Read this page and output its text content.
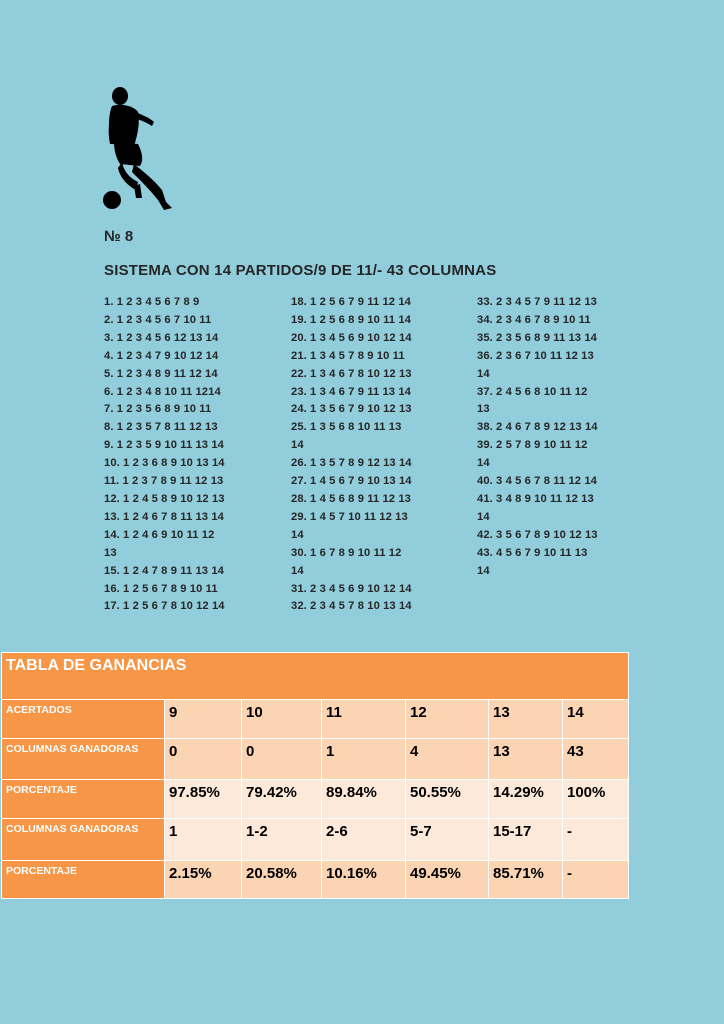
№ 8
SISTEMA CON 14 PARTIDOS/9 DE 11/- 43 COLUMNAS
1. 1 2 3 4 5 6 7 8 9
2. 1 2 3 4 5 6 7 10 11
3. 1 2 3 4 5 6 12 13 14
4. 1 2 3 4 7 9 10 12 14
5. 1 2 3 4 8 9 11 12 14
6. 1 2 3 4 8 10 11 1214
7. 1 2 3 5 6 8 9 10 11
8. 1 2 3 5 7 8 11 12 13
9. 1 2 3 5 9 10 11 13 14
10. 1 2 3 6 8 9 10 13 14
11. 1 2 3 7 8 9 11 12 13
12. 1 2 4 5 8 9 10 12 13
13. 1 2 4 6 7 8 11 13 14
14. 1 2 4 6 9 10 11 12
13
15. 1 2 4 7 8 9 11 13 14
16. 1 2 5 6 7 8 9 10 11
17. 1 2 5 6 7 8 10 12 14
18. 1 2 5 6 7 9 11 12 14
19. 1 2 5 6 8 9 10 11 14
20. 1 3 4 5 6 9 10 12 14
21. 1 3 4 5 7 8 9 10 11
22. 1 3 4 6 7 8 10 12 13
23. 1 3 4 6 7 9 11 13 14
24. 1 3 5 6 7 9 10 12 13
25. 1 3 5 6 8 10 11 13
14
26. 1 3 5 7 8 9 12 13 14
27. 1 4 5 6 7 9 10 13 14
28. 1 4 5 6 8 9 11 12 13
29. 1 4 5 7 10 11 12 13
14
30. 1 6 7 8 9 10 11 12
14
31. 2 3 4 5 6 9 10 12 14
32. 2 3 4 5 7 8 10 13 14
33. 2 3 4 5 7 9 11 12 13
34. 2 3 4 6 7 8 9 10 11
35. 2 3 5 6 8 9 11 13 14
36. 2 3 6 7 10 11 12 13
14
37. 2 4 5 6 8 10 11 12
13
38. 2 4 6 7 8 9 12 13 14
39. 2 5 7 8 9 10 11 12
14
40. 3 4 5 6 7 8 11 12 14
41. 3 4 8 9 10 11 12 13
14
42. 3 5 6 7 8 9 10 12 13
43. 4 5 6 7 9 10 11 13
14
TABLA DE GANANCIAS						
ACERTADOS	9	10	11	12	13	14
COLUMNAS GANADORAS	0	0	1	4	13	43
PORCENTAJE	97.85%	79.42%	89.84%	50.55%	14.29%	100%
COLUMNAS GANADORAS	1	1-2	2-6	5-7	15-17	-
PORCENTAJE	2.15%	20.58%	10.16%	49.45%	85.71%	-
